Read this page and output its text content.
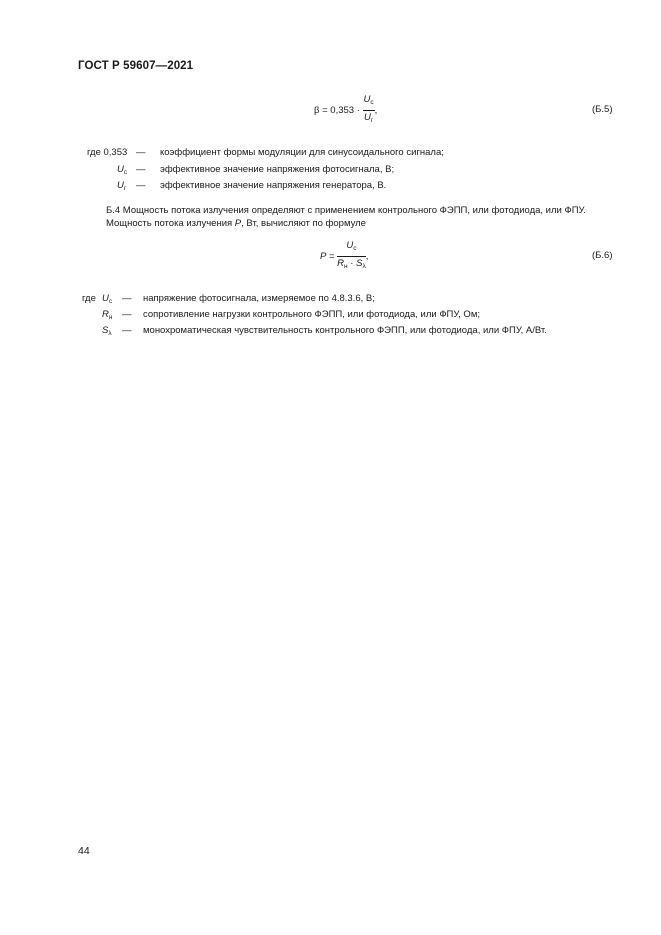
ГОСТ Р 59607—2021
$\beta = 0,353 \cdot \frac{U_с}{U_г}$ ,	(Б.5)
где 0,353 — коэффициент формы модуляции для синусоидального сигнала;
$U_с$ — эффективное значение напряжения фотосигнала, В;
$U_г$ — эффективное значение напряжения генератора, В.
Б.4 Мощность потока излучения определяют с применением контрольного ФЭПП, или фотодиода, или ФПУ.
Мощность потока излучения P, Вт, вычисляют по формуле
$P = \frac{U_с}{R_н \cdot S_\lambda}$ ,	(Б.6)
где $U_с$ — напряжение фотосигнала, измеряемое по 4.8.3.6, В;
$R_н$ — сопротивление нагрузки контрольного ФЭПП, или фотодиода, или ФПУ, Ом;
$S_\lambda$ — монохроматическая чувствительность контрольного ФЭПП, или фотодиода, или ФПУ, А/Вт.
44
